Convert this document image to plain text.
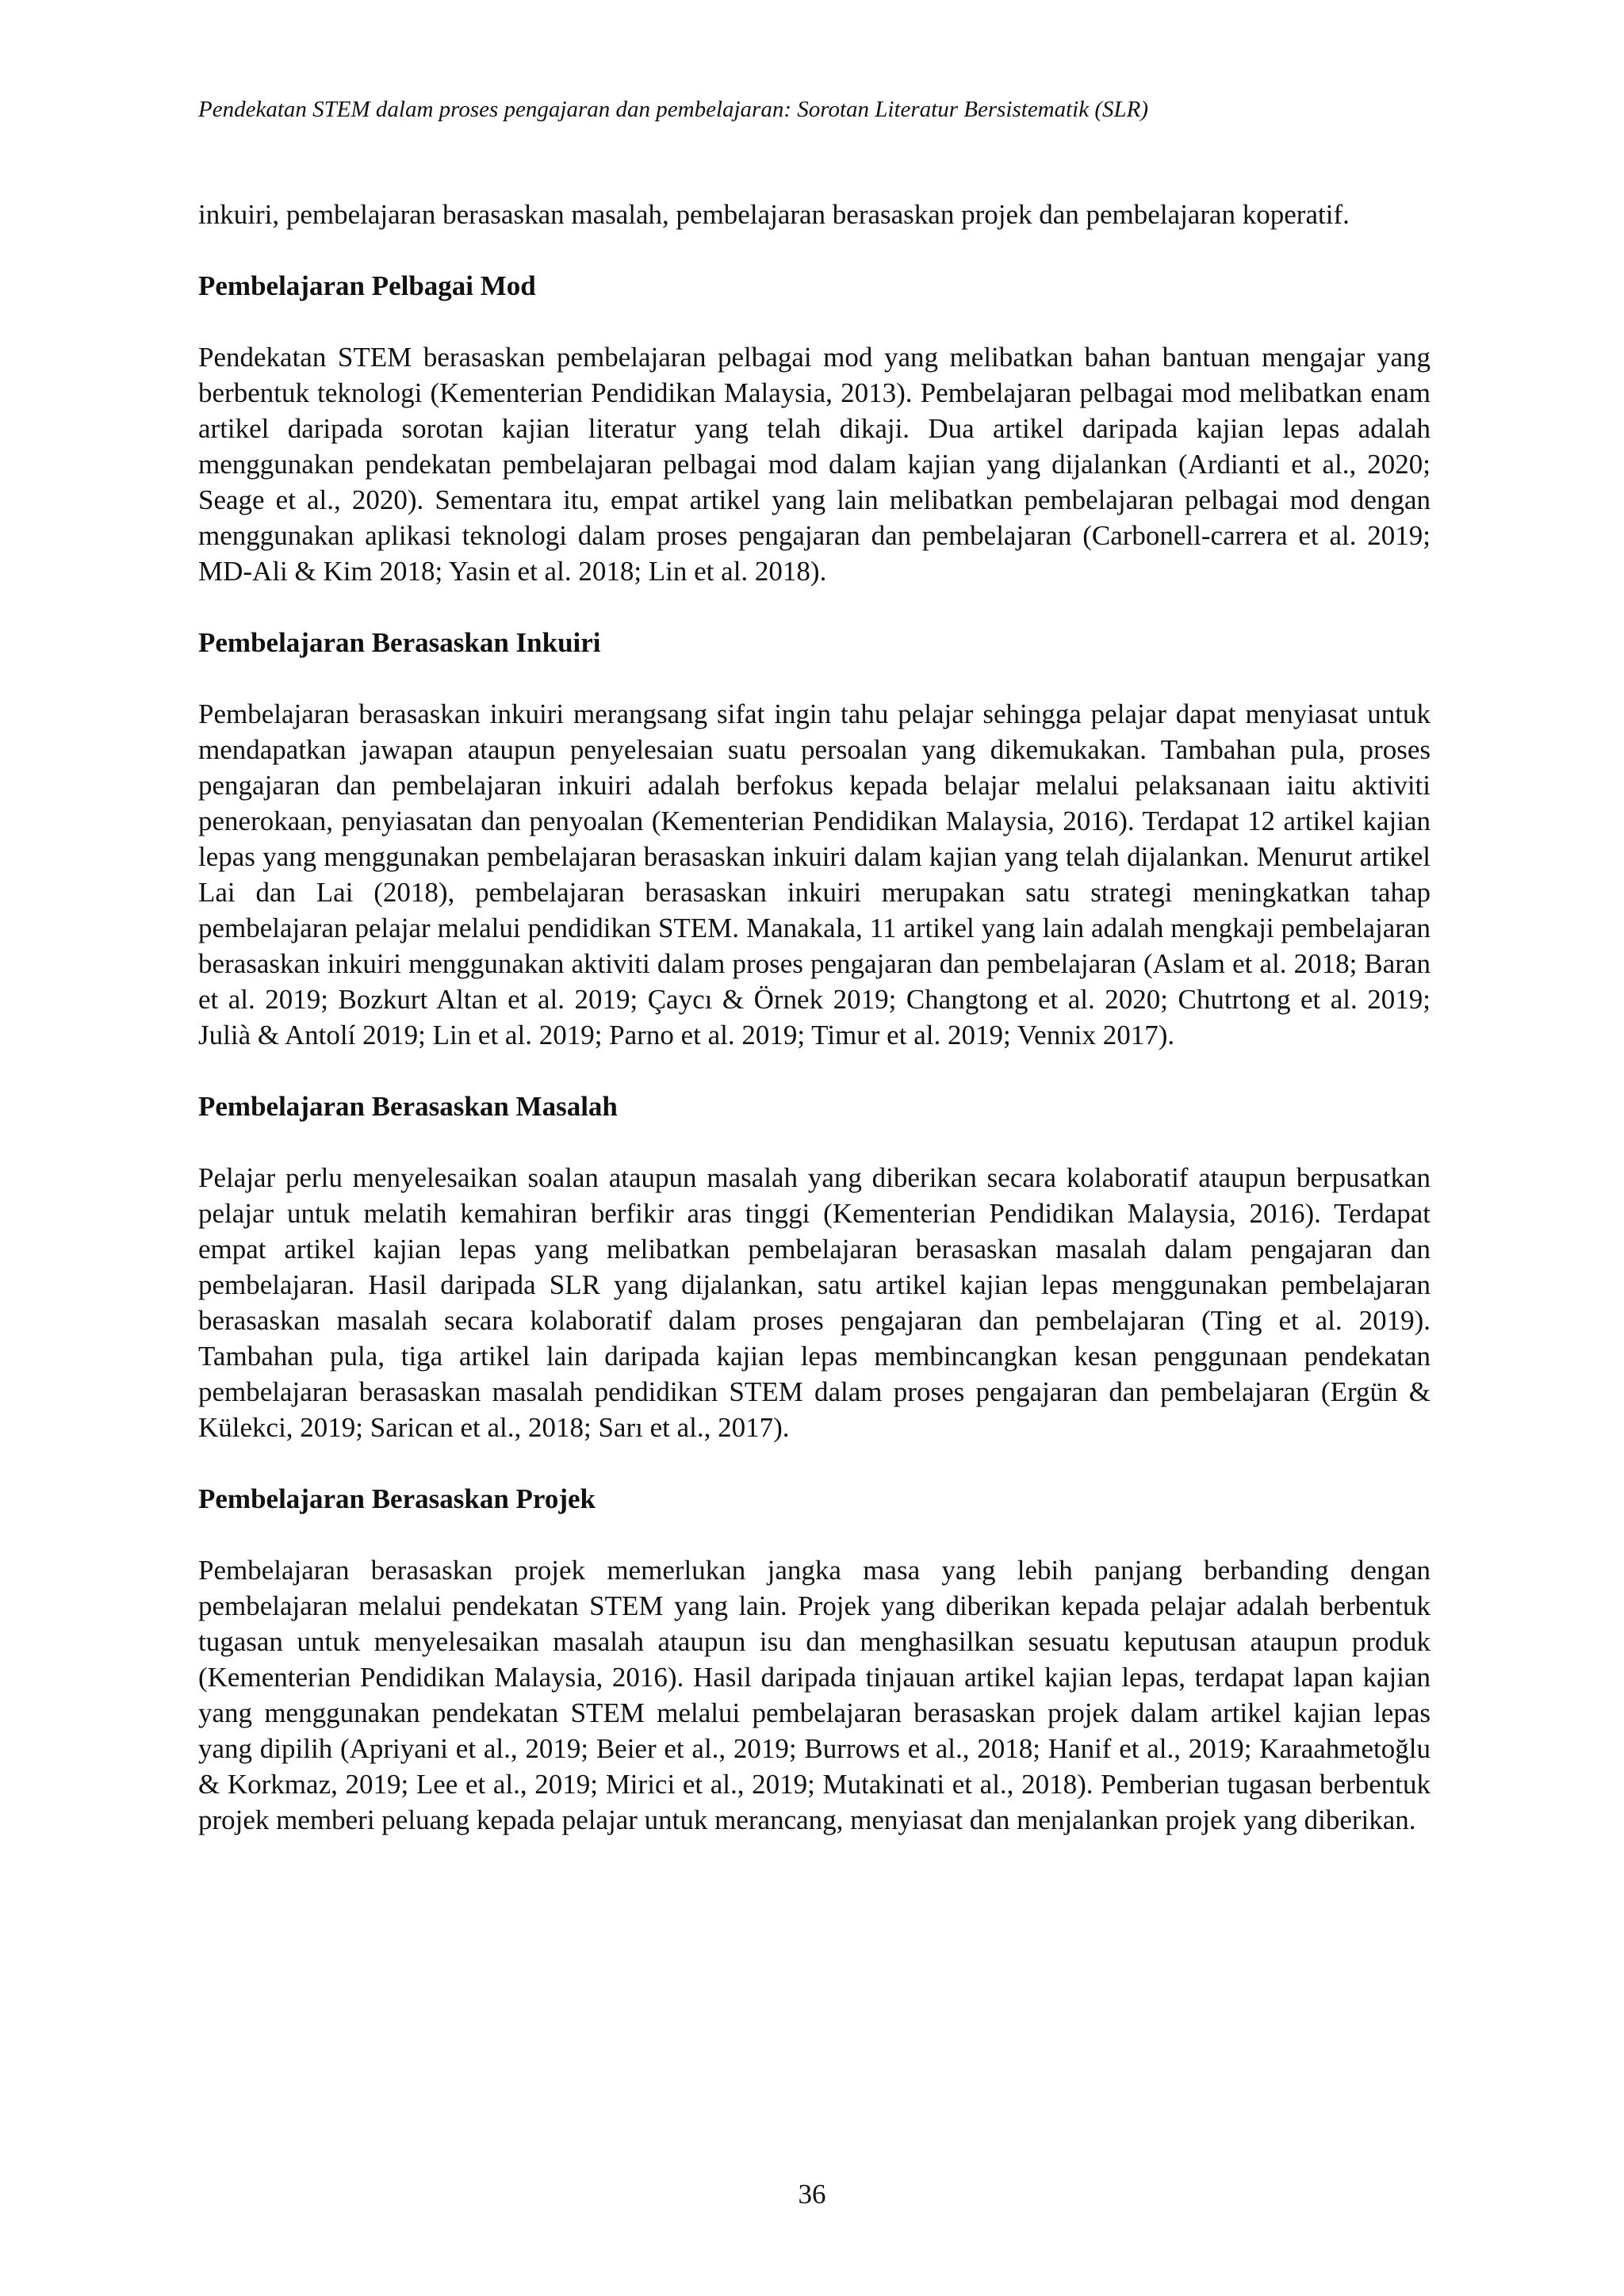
Pendekatan STEM dalam proses pengajaran dan pembelajaran: Sorotan Literatur Bersistematik (SLR)

inkuiri, pembelajaran berasaskan masalah, pembelajaran berasaskan projek dan pembelajaran koperatif.

Pembelajaran Pelbagai Mod

Pendekatan STEM berasaskan pembelajaran pelbagai mod yang melibatkan bahan bantuan mengajar yang berbentuk teknologi (Kementerian Pendidikan Malaysia, 2013). Pembelajaran pelbagai mod melibatkan enam artikel daripada sorotan kajian literatur yang telah dikaji. Dua artikel daripada kajian lepas adalah menggunakan pendekatan pembelajaran pelbagai mod dalam kajian yang dijalankan (Ardianti et al., 2020; Seage et al., 2020). Sementara itu, empat artikel yang lain melibatkan pembelajaran pelbagai mod dengan menggunakan aplikasi teknologi dalam proses pengajaran dan pembelajaran (Carbonell-carrera et al. 2019; MD-Ali & Kim 2018; Yasin et al. 2018; Lin et al. 2018).

Pembelajaran Berasaskan Inkuiri

Pembelajaran berasaskan inkuiri merangsang sifat ingin tahu pelajar sehingga pelajar dapat menyiasat untuk mendapatkan jawapan ataupun penyelesaian suatu persoalan yang dikemukakan. Tambahan pula, proses pengajaran dan pembelajaran inkuiri adalah berfokus kepada belajar melalui pelaksanaan iaitu aktiviti penerokaan, penyiasatan dan penyoalan (Kementerian Pendidikan Malaysia, 2016). Terdapat 12 artikel kajian lepas yang menggunakan pembelajaran berasaskan inkuiri dalam kajian yang telah dijalankan. Menurut artikel Lai dan Lai (2018), pembelajaran berasaskan inkuiri merupakan satu strategi meningkatkan tahap pembelajaran pelajar melalui pendidikan STEM. Manakala, 11 artikel yang lain adalah mengkaji pembelajaran berasaskan inkuiri menggunakan aktiviti dalam proses pengajaran dan pembelajaran (Aslam et al. 2018; Baran et al. 2019; Bozkurt Altan et al. 2019; Çaycı & Örnek 2019; Changtong et al. 2020; Chutrtong et al. 2019; Julià & Antolí 2019; Lin et al. 2019; Parno et al. 2019; Timur et al. 2019; Vennix 2017).

Pembelajaran Berasaskan Masalah

Pelajar perlu menyelesaikan soalan ataupun masalah yang diberikan secara kolaboratif ataupun berpusatkan pelajar untuk melatih kemahiran berfikir aras tinggi (Kementerian Pendidikan Malaysia, 2016). Terdapat empat artikel kajian lepas yang melibatkan pembelajaran berasaskan masalah dalam pengajaran dan pembelajaran. Hasil daripada SLR yang dijalankan, satu artikel kajian lepas menggunakan pembelajaran berasaskan masalah secara kolaboratif dalam proses pengajaran dan pembelajaran (Ting et al. 2019). Tambahan pula, tiga artikel lain daripada kajian lepas membincangkan kesan penggunaan pendekatan pembelajaran berasaskan masalah pendidikan STEM dalam proses pengajaran dan pembelajaran (Ergün & Külekci, 2019; Sarican et al., 2018; Sarı et al., 2017).

Pembelajaran Berasaskan Projek

Pembelajaran berasaskan projek memerlukan jangka masa yang lebih panjang berbanding dengan pembelajaran melalui pendekatan STEM yang lain. Projek yang diberikan kepada pelajar adalah berbentuk tugasan untuk menyelesaikan masalah ataupun isu dan menghasilkan sesuatu keputusan ataupun produk (Kementerian Pendidikan Malaysia, 2016). Hasil daripada tinjauan artikel kajian lepas, terdapat lapan kajian yang menggunakan pendekatan STEM melalui pembelajaran berasaskan projek dalam artikel kajian lepas yang dipilih (Apriyani et al., 2019; Beier et al., 2019; Burrows et al., 2018; Hanif et al., 2019; Karaahmetoğlu & Korkmaz, 2019; Lee et al., 2019; Mirici et al., 2019; Mutakinati et al., 2018). Pemberian tugasan berbentuk projek memberi peluang kepada pelajar untuk merancang, menyiasat dan menjalankan projek yang diberikan.

36
